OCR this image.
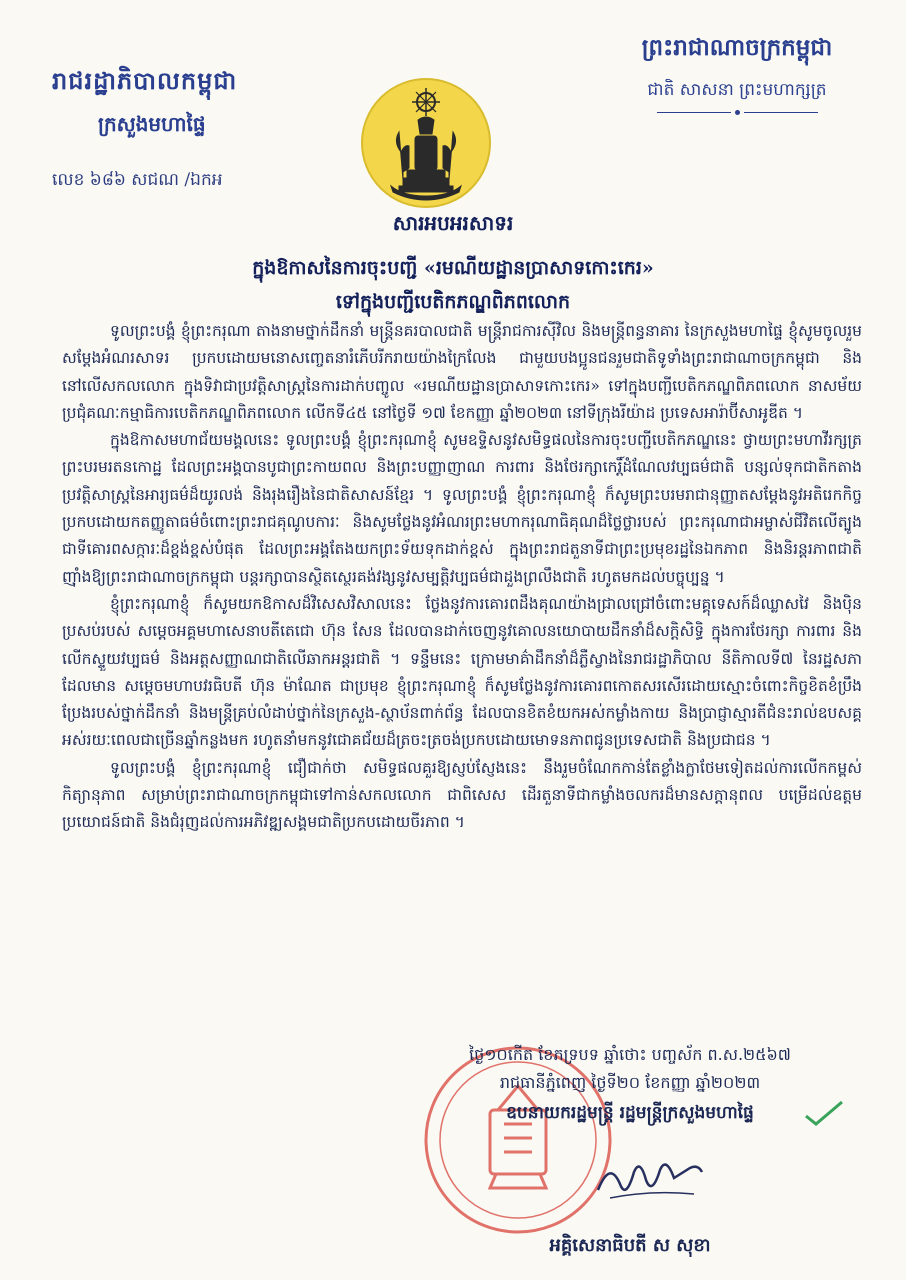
រាជរដ្ឋាភិបាលកម្ពុជា
ក្រសួងមហាផ្ទៃ
លេខ ៦៨៦ សជណ /ឯកអ
ព្រះរាជាណាចក្រកម្ពុជា
ជាតិ សាសនា ព្រះមហាក្សត្រ
សារអបអរសាទរ
ក្នុងឱកាសនៃការចុះបញ្ជី «រមណីយដ្ឋានប្រាសាទកោះកេរ»
ទៅក្នុងបញ្ជីបេតិកភណ្ឌពិភពលោក

ទូលព្រះបង្គំ ខ្ញុំព្រះករុណា តាងនាមថ្នាក់ដឹកនាំ មន្ត្រីនគរបាលជាតិ មន្ត្រីរាជការស៊ីវិល និងមន្ត្រីពន្ធនាគារ នៃក្រសួងមហាផ្ទៃ ខ្ញុំសូមចូលរួមសម្តែងអំណរសាទរ ប្រកបដោយមនោសញ្ចេតនារំភើបរីករាយយ៉ាងក្រៃលែង ជាមួយបងប្អូនជនរួមជាតិទូទាំងព្រះរាជាណាចក្រកម្ពុជា និងនៅលើសកលលោក ក្នុងទិវាជាប្រវត្តិសាស្ត្រនៃការដាក់បញ្ចូល «រមណីយដ្ឋានប្រាសាទកោះកេរ» ទៅក្នុងបញ្ជីបេតិកភណ្ឌពិភពលោក នាសម័យប្រជុំគណៈកម្មាធិការបេតិកភណ្ឌពិភពលោក លើកទី៤៥ នៅថ្ងៃទី ១៧ ខែកញ្ញា ឆ្នាំ២០២៣ នៅទីក្រុងរីយ៉ាដ ប្រទេសអារ៉ាប៊ីសាអូឌីត ។

ក្នុងឱកាសមហាជ័យមង្គលនេះ ទូលព្រះបង្គំ ខ្ញុំព្រះករុណាខ្ញុំ សូមឧទ្ទិសនូវសមិទ្ធផលនៃការចុះបញ្ជីបេតិកភណ្ឌនេះ ថ្វាយព្រះមហាវីរក្សត្រ ព្រះបរមរតនកោដ្ឋ ដែលព្រះអង្គបានបូជាព្រះកាយពល និងព្រះបញ្ញាញាណ ការពារ និងថែរក្សាកេរ្តិ៍ដំណែលវប្បធម៌ជាតិ បន្សល់ទុកជាតិកតាងប្រវត្តិសាស្ត្រនៃអារ្យធម៌ដ៏យូរលង់ និងរុងរឿងនៃជាតិសាសន៍ខ្មែរ ។ ទូលព្រះបង្គំ ខ្ញុំព្រះករុណាខ្ញុំ ក៏សូមព្រះបរមរាជានុញ្ញាតសម្តែងនូវអតិរេកកិច្ច ប្រកបដោយកតញ្ញូតាធម៌ចំពោះព្រះរាជគុណូបការៈ និងសូមថ្លែងនូវអំណរព្រះមហាករុណាធិគុណដ៏ថ្លៃថ្លារបស់ ព្រះករុណាជាអម្ចាស់ជីវិតលើត្បូង ជាទីគោរពសក្ការៈដ៏ខ្ពង់ខ្ពស់បំផុត ដែលព្រះអង្គតែងយកព្រះទ័យទុកដាក់ខ្ពស់ ក្នុងព្រះរាជតួនាទីជាព្រះប្រមុខរដ្ឋនៃឯកភាព និងនិរន្តរភាពជាតិ ញ៉ាំងឱ្យព្រះរាជាណាចក្រកម្ពុជា បន្តរក្សាបានស្ថិតស្ថេរគង់វង្សនូវសម្បត្តិវប្បធម៌ជាដួងព្រលឹងជាតិ រហូតមកដល់បច្ចុប្បន្ន ។

ខ្ញុំព្រះករុណាខ្ញុំ ក៏សូមយកឱកាសដ៏វិសេសវិសាលនេះ ថ្លែងនូវការគោរពដឹងគុណយ៉ាងជ្រាលជ្រៅចំពោះមគ្គុទេសក៍ដ៏ឈ្លាសវៃ និងប៉ិនប្រសប់របស់ សម្តេចអគ្គមហាសេនាបតីតេជោ ហ៊ុន សែន ដែលបានដាក់ចេញនូវគោលនយោបាយដឹកនាំដ៏សក្តិសិទ្ធិ ក្នុងការថែរក្សា ការពារ និងលើកស្ទួយវប្បធម៌ និងអត្តសញ្ញាណជាតិលើឆាកអន្តរជាតិ ។ ទន្ទឹមនេះ ក្រោមមាគ៌ាដឹកនាំដ៏ភ្លឺស្វាងនៃរាជរដ្ឋាភិបាល នីតិកាលទី៧ នៃរដ្ឋសភា ដែលមាន សម្តេចមហាបវរធិបតី ហ៊ុន ម៉ាណែត ជាប្រមុខ ខ្ញុំព្រះករុណាខ្ញុំ ក៏សូមថ្លែងនូវការគោរពកោតសរសើរដោយស្មោះចំពោះកិច្ចខិតខំប្រឹងប្រែងរបស់ថ្នាក់ដឹកនាំ និងមន្ត្រីគ្រប់លំដាប់ថ្នាក់នៃក្រសួង-ស្ថាប័នពាក់ព័ន្ធ ដែលបានខិតខំយកអស់កម្លាំងកាយ និងប្រាជ្ញាស្មារតីជំនះរាល់ឧបសគ្គ អស់រយៈពេលជាច្រើនឆ្នាំកន្លងមក រហូតនាំមកនូវជោគជ័យដ៏ត្រចះត្រចង់ប្រកបដោយមោទនភាពជូនប្រទេសជាតិ និងប្រជាជន ។

ទូលព្រះបង្គំ ខ្ញុំព្រះករុណាខ្ញុំ ជឿជាក់ថា សមិទ្ធផលគួរឱ្យស្ញប់ស្ញែងនេះ នឹងរួមចំណែកកាន់តែខ្លាំងក្លាថែមទៀតដល់ការលើកកម្ពស់កិត្យានុភាព សម្រាប់ព្រះរាជាណាចក្រកម្ពុជាទៅកាន់សកលលោក ជាពិសេស ដើរតួនាទីជាកម្លាំងចលករដ៏មានសក្តានុពល បម្រើដល់ឧត្តមប្រយោជន៍ជាតិ និងជំរុញដល់ការអភិវឌ្ឍសង្គមជាតិប្រកបដោយចីរភាព ។

ថ្ងៃ១០កើត ខែភទ្របទ ឆ្នាំថោះ បញ្ចស័ក ព.ស.២៥៦៧
រាជធានីភ្នំពេញ ថ្ងៃទី២០ ខែកញ្ញា ឆ្នាំ២០២៣
ឧបនាយករដ្ឋមន្ត្រី រដ្ឋមន្ត្រីក្រសួងមហាផ្ទៃ
អគ្គិសេនាធិបតី ស សុខា
